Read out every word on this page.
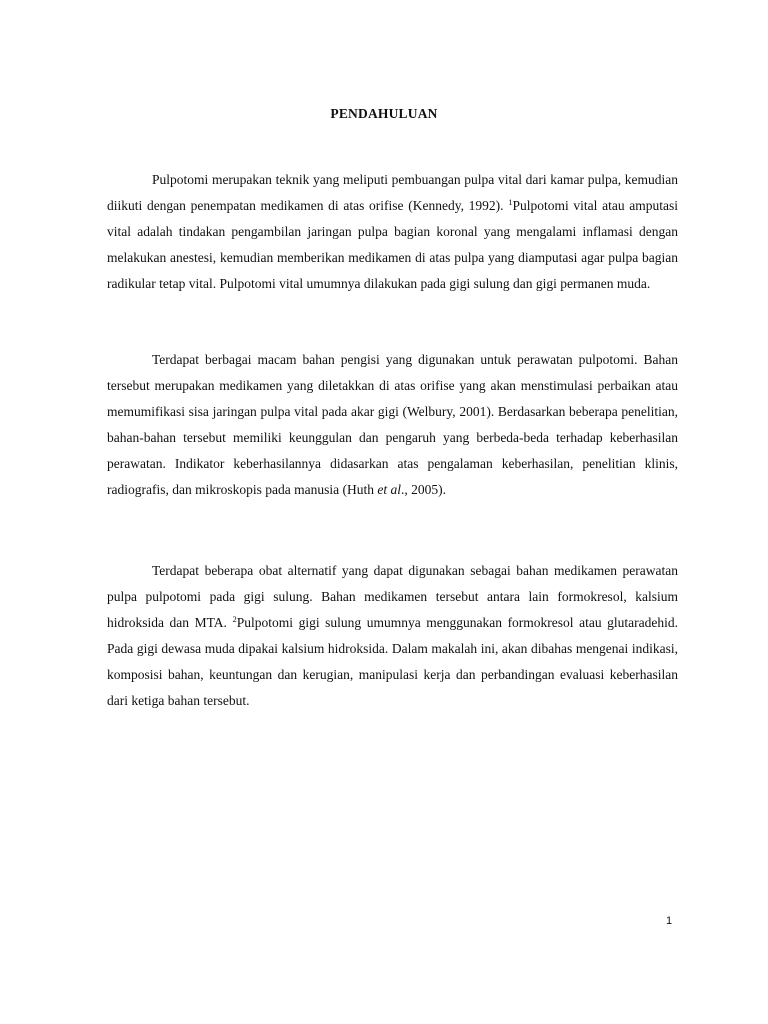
PENDAHULUAN

Pulpotomi merupakan teknik yang meliputi pembuangan pulpa vital dari kamar pulpa, kemudian diikuti dengan penempatan medikamen di atas orifise (Kennedy, 1992). $^1$Pulpotomi vital atau amputasi vital adalah tindakan pengambilan jaringan pulpa bagian koronal yang mengalami inflamasi dengan melakukan anestesi, kemudian memberikan medikamen di atas pulpa yang diamputasi agar pulpa bagian radikular tetap vital. Pulpotomi vital umumnya dilakukan pada gigi sulung dan gigi permanen muda.

Terdapat berbagai macam bahan pengisi yang digunakan untuk perawatan pulpotomi. Bahan tersebut merupakan medikamen yang diletakkan di atas orifise yang akan menstimulasi perbaikan atau memumifikasi sisa jaringan pulpa vital pada akar gigi (Welbury, 2001). Berdasarkan beberapa penelitian, bahan-bahan tersebut memiliki keunggulan dan pengaruh yang berbeda-beda terhadap keberhasilan perawatan. Indikator keberhasilannya didasarkan atas pengalaman keberhasilan, penelitian klinis, radiografis, dan mikroskopis pada manusia (Huth et al., 2005).

Terdapat beberapa obat alternatif yang dapat digunakan sebagai bahan medikamen perawatan pulpa pulpotomi pada gigi sulung. Bahan medikamen tersebut antara lain formokresol, kalsium hidroksida dan MTA. $^2$Pulpotomi gigi sulung umumnya menggunakan formokresol atau glutaradehid. Pada gigi dewasa muda dipakai kalsium hidroksida. Dalam makalah ini, akan dibahas mengenai indikasi, komposisi bahan, keuntungan dan kerugian, manipulasi kerja dan perbandingan evaluasi keberhasilan dari ketiga bahan tersebut.

1
